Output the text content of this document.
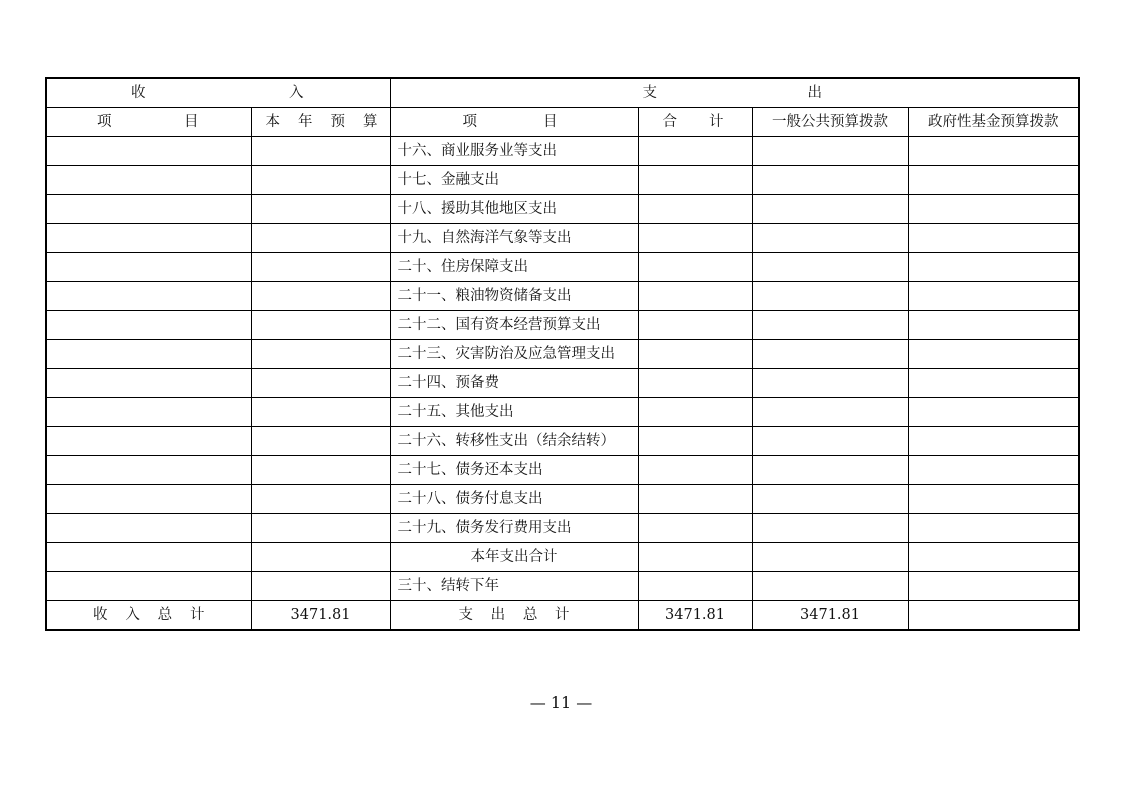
收 入		支 出			

项 目	本 年 预 算	项 目	合 计	一般公共预算拨款	政府性基金预算拨款
		十六、商业服务业等支出			
		十七、金融支出			
		十八、援助其他地区支出			
		十九、自然海洋气象等支出			
		二十、住房保障支出			
		二十一、粮油物资储备支出			
		二十二、国有资本经营预算支出			
		二十三、灾害防治及应急管理支出			
		二十四、预备费			
		二十五、其他支出			
		二十六、转移性支出（结余结转）			
		二十七、债务还本支出			
		二十八、债务付息支出			
		二十九、债务发行费用支出			
		本年支出合计			
		三十、结转下年			

收 入 总 计	3471.81	支 出 总 计	3471.81	3471.81	
— 11 —
